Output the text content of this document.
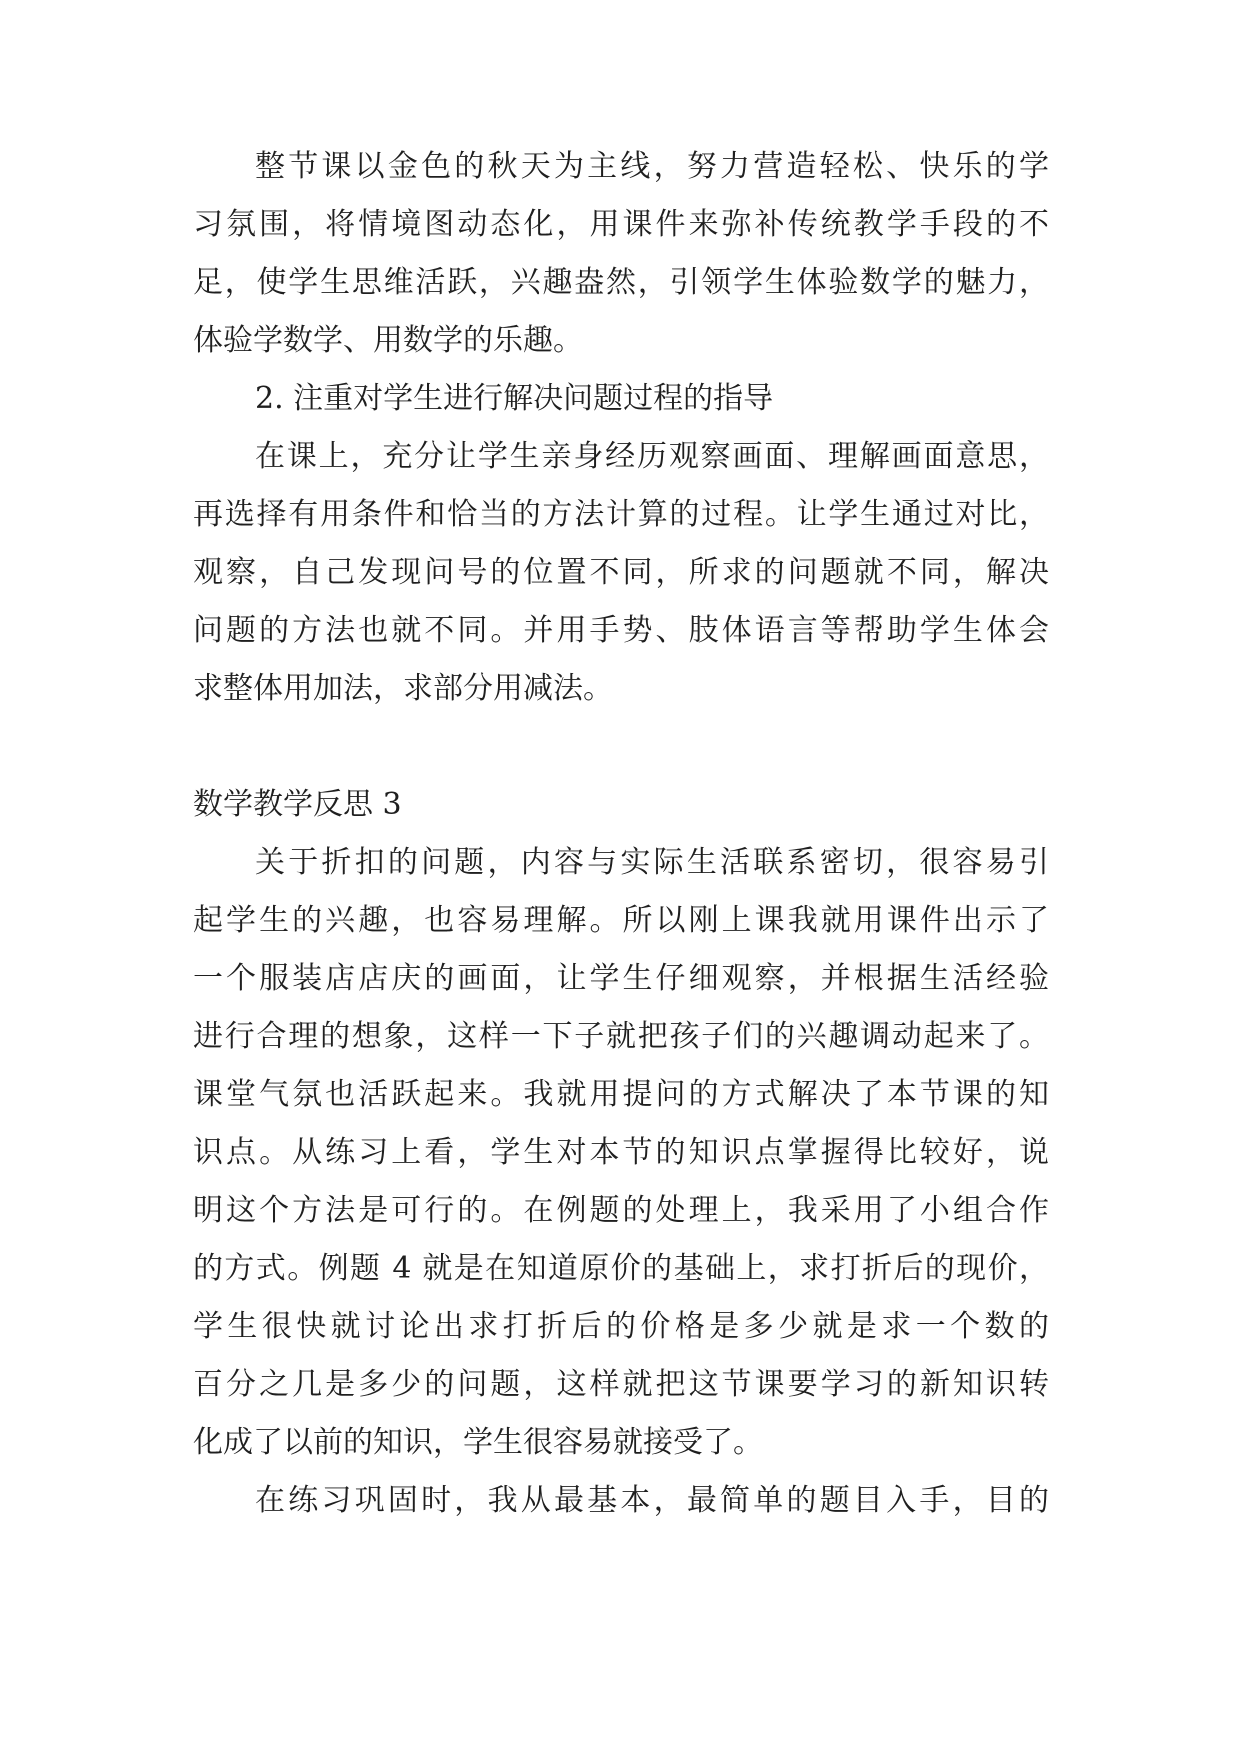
整节课以金色的秋天为主线，努力营造轻松、快乐的学
习氛围，将情境图动态化，用课件来弥补传统教学手段的不
足，使学生思维活跃，兴趣盎然，引领学生体验数学的魅力，
体验学数学、用数学的乐趣。
2. 注重对学生进行解决问题过程的指导
在课上，充分让学生亲身经历观察画面、理解画面意思，
再选择有用条件和恰当的方法计算的过程。让学生通过对比，
观察，自己发现问号的位置不同，所求的问题就不同，解决
问题的方法也就不同。并用手势、肢体语言等帮助学生体会
求整体用加法，求部分用减法。
数学教学反思 3
关于折扣的问题，内容与实际生活联系密切，很容易引
起学生的兴趣，也容易理解。所以刚上课我就用课件出示了
一个服装店店庆的画面，让学生仔细观察，并根据生活经验
进行合理的想象，这样一下子就把孩子们的兴趣调动起来了。
课堂气氛也活跃起来。我就用提问的方式解决了本节课的知
识点。从练习上看，学生对本节的知识点掌握得比较好，说
明这个方法是可行的。在例题的处理上，我采用了小组合作
的方式。例题 4 就是在知道原价的基础上，求打折后的现价，
学生很快就讨论出求打折后的价格是多少就是求一个数的
百分之几是多少的问题，这样就把这节课要学习的新知识转
化成了以前的知识，学生很容易就接受了。
在练习巩固时，我从最基本，最简单的题目入手，目的
